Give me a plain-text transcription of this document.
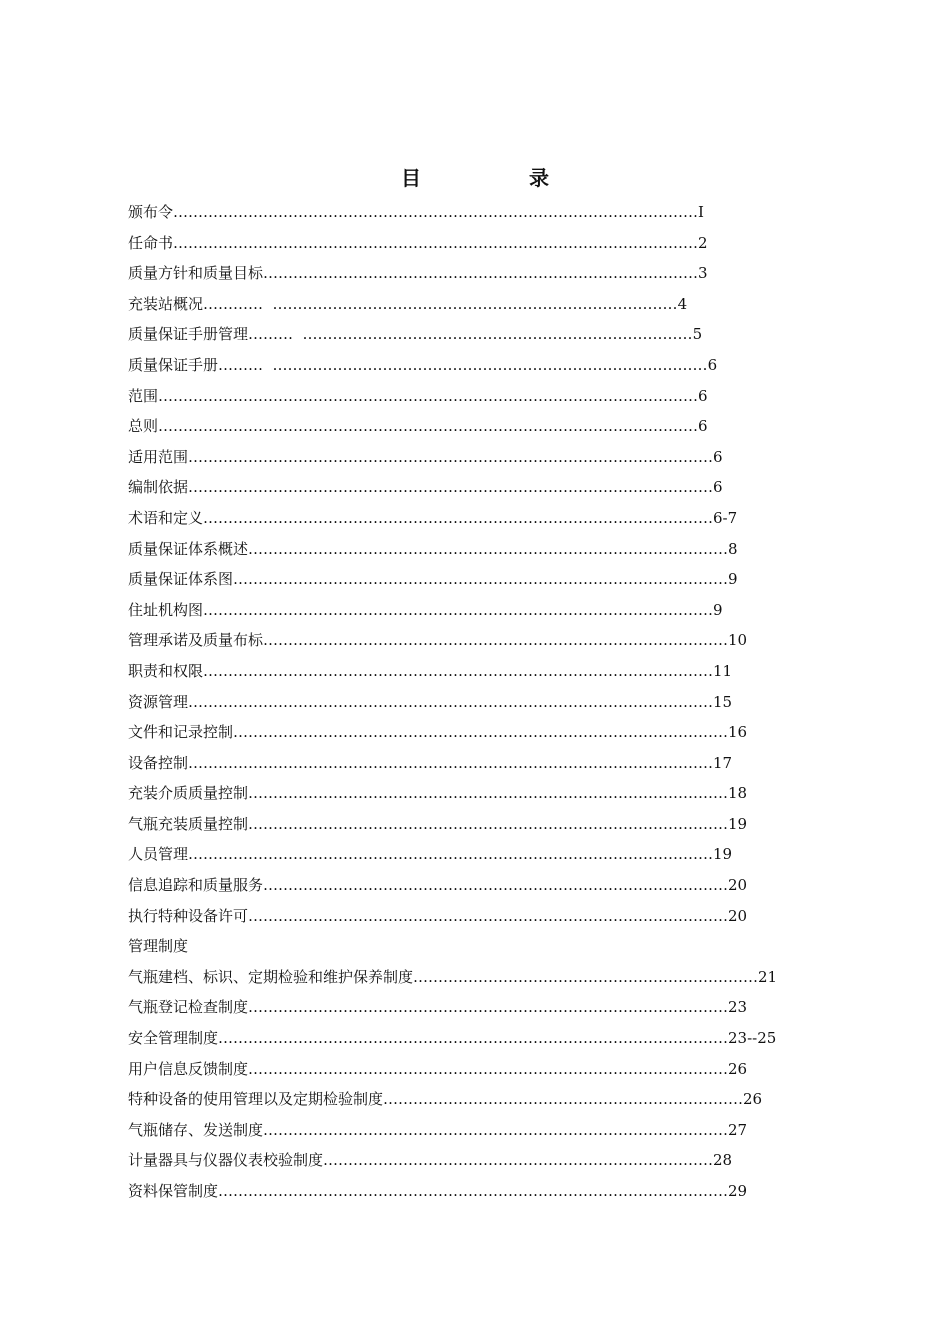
目　录
颁布令……………………………………………………………………………………………Ⅰ
任命书……………………………………………………………………………………………2
质量方针和质量目标……………………………………………………………………………3
充装站概况…………  ………………………………………………………………………4
质量保证手册管理………  ……………………………………………………………………5
质量保证手册………  ……………………………………………………………………………6
范围………………………………………………………………………………………………6
总则………………………………………………………………………………………………6
适用范围……………………………………………………………………………………………6
编制依据……………………………………………………………………………………………6
术语和定义…………………………………………………………………………………………6-7
质量保证体系概述……………………………………………………………………………………8
质量保证体系图………………………………………………………………………………………9
住址机构图…………………………………………………………………………………………9
管理承诺及质量布标…………………………………………………………………………………10
职责和权限…………………………………………………………………………………………11
资源管理……………………………………………………………………………………………15
文件和记录控制………………………………………………………………………………………16
设备控制……………………………………………………………………………………………17
充装介质质量控制……………………………………………………………………………………18
气瓶充装质量控制……………………………………………………………………………………19
人员管理……………………………………………………………………………………………19
信息追踪和质量服务…………………………………………………………………………………20
执行特种设备许可……………………………………………………………………………………20
管理制度
气瓶建档、标识、定期检验和维护保养制度……………………………………………………………21
气瓶登记检查制度……………………………………………………………………………………23
安全管理制度…………………………………………………………………………………………23--25
用户信息反馈制度……………………………………………………………………………………26
特种设备的使用管理以及定期检验制度………………………………………………………………26
气瓶储存、发送制度…………………………………………………………………………………27
计量器具与仪器仪表校验制度……………………………………………………………………28
资料保管制度…………………………………………………………………………………………29
